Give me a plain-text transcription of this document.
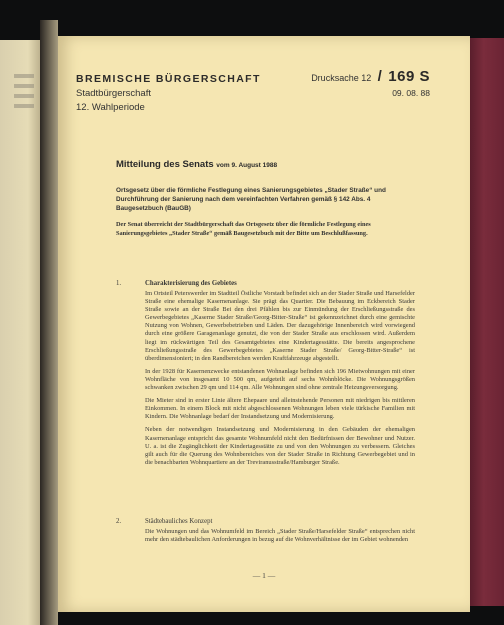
BREMISCHE BÜRGERSCHAFT
Stadtbürgerschaft
12. Wahlperiode
Drucksache 12 / 169 S
09. 08. 88
Mitteilung des Senats vom 9. August 1988
Ortsgesetz über die förmliche Festlegung eines Sanierungsgebietes „Stader Straße“ und Durchführung der Sanierung nach dem vereinfachten Verfahren gemäß § 142 Abs. 4 Baugesetzbuch (BauGB)
Der Senat überreicht der Stadtbürgerschaft das Ortsgesetz über die förmliche Festlegung eines Sanierungsgebietes „Stader Straße“ gemäß Baugesetzbuch mit der Bitte um Beschlußfassung.
1.	Charakterisierung des Gebietes

Im Ortsteil Peterswerder im Stadtteil Östliche Vorstadt befindet sich an der Stader Straße und Harsefelder Straße eine ehemalige Kasernenanlage. Sie prägt das Quartier. Die Bebauung im Eckbereich Stader Straße sowie an der Straße Bei den drei Pfählen bis zur Einmündung der Erschließungsstraße des Gewerbegebietes „Kaserne Stader Straße/Georg-Bitter-Straße“ ist gekennzeichnet durch eine gemischte Nutzung von Wohnen, Gewerbebetrieben und Läden. Der dazugehörige Innenbereich wird vorwiegend durch eine größere Garagenanlage genutzt, die von der Stader Straße aus erschlossen wird. Außerdem liegt im rückwärtigen Teil des Gesamtgebietes eine Kindertagesstätte. Die bereits angesprochene Erschließungsstraße des Gewerbegebietes „Kaserne Stader Straße/ Georg-Bitter-Straße“ ist überdimensioniert; in den Randbereichen werden Kraftfahrzeuge abgestellt.

In der 1928 für Kasernenzwecke entstandenen Wohnanlage befinden sich 196 Mietwohnungen mit einer Wohnfläche von insgesamt 10 500 qm, aufgeteilt auf sechs Wohnblöcke. Die Wohnungsgrößen schwanken zwischen 29 qm und 114 qm. Alle Wohnungen sind ohne zentrale Heizungsversorgung.

Die Mieter sind in erster Linie ältere Ehepaare und alleinstehende Personen mit niedrigen bis mittleren Einkommen. In einem Block mit nicht abgeschlossenen Wohnungen leben viele türkische Familien mit Kindern. Die Wohnanlage bedarf der Instandsetzung und Modernisierung.

Neben der notwendigen Instandsetzung und Modernisierung in den Gebäuden der ehemaligen Kasernenanlage entspricht das gesamte Wohnumfeld nicht den Bedürfnissen der Bewohner und Nutzer. U. a. ist die Zugänglichkeit der Kindertagesstätte zu und von den Wohnungen zu verbessern. Gleiches gilt auch für die Querung des Wohnbereiches von der Stader Straße in Richtung Gewerbegebiet und in die benachbarten Wohnquartiere an der Treviranusstraße/Hamburger Straße.

2.	Städtebauliches Konzept

Die Wohnungen und das Wohnumfeld im Bereich „Stader Straße/Harsefelder Straße“ entsprechen nicht mehr den städtebaulichen Anforderungen in bezug auf die Wohnverhältnisse der im Gebiet wohnenden

— 1 —
